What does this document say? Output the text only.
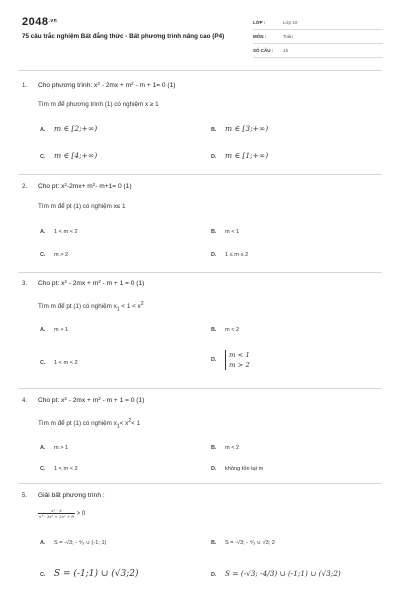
$2048^{.vn}$
75 câu trắc nghiệm Bất đẳng thức - Bất phương trình nâng cao (P4)
LỚP :	Lớp 10
MÔN :	Toán
SỐ CÂU :	15
1. Cho phương trình: $x^2 - 2mx + m^2 - m + 1= 0$ (1)
Tìm m để phương trình (1) có nghiệm x ≥ 1
A. m ∈ [2;+∞)	B. m ∈ [3;+∞)
C. m ∈ [4;+∞)	D. m ∈ [1;+∞)
2. Cho pt: $x^2-2mx+ m^2-$ m+1= 0 (1)
Tìm m để pt (1) có nghiệm x≤ 1
A. 1 < m < 2	B. m < 1
C. m > 2	D. 1 ≤ m ≤ 2
3. Cho pt: $x^2 - 2mx + m^2 - m + 1 = 0$ (1)
Tìm m để pt (1) có nghiệm $x_1 < 1 < x^2$
A. m > 1	B. m < 2
C. 1 < m < 2	D.
m < 1
m > 2
4. Cho pt: $x^2 - 2mx + m^2 - m + 1 = 0$ (1)
Tìm m để pt (1) có nghiệm $x_1< x^2< 1$
A. m > 1	B. m < 2
C. 1 < m < 2	D. không tồn tại m
5. Giải bất phương trình :
$\frac{\text{x² - 3}}{\text{x⁴ - 3x³ + 2x² + 8}} > 0$
A. S = -√3; - ⁴⁄₃ ∪ (-1; 1)	B. S = -√3; - ⁴⁄₃ ∪ √3; 2
C. S = (-1;1) ∪ (√3;2)	D. S = (-√3; -4/3) ∪ (-1;1) ∪ (√3;2)
